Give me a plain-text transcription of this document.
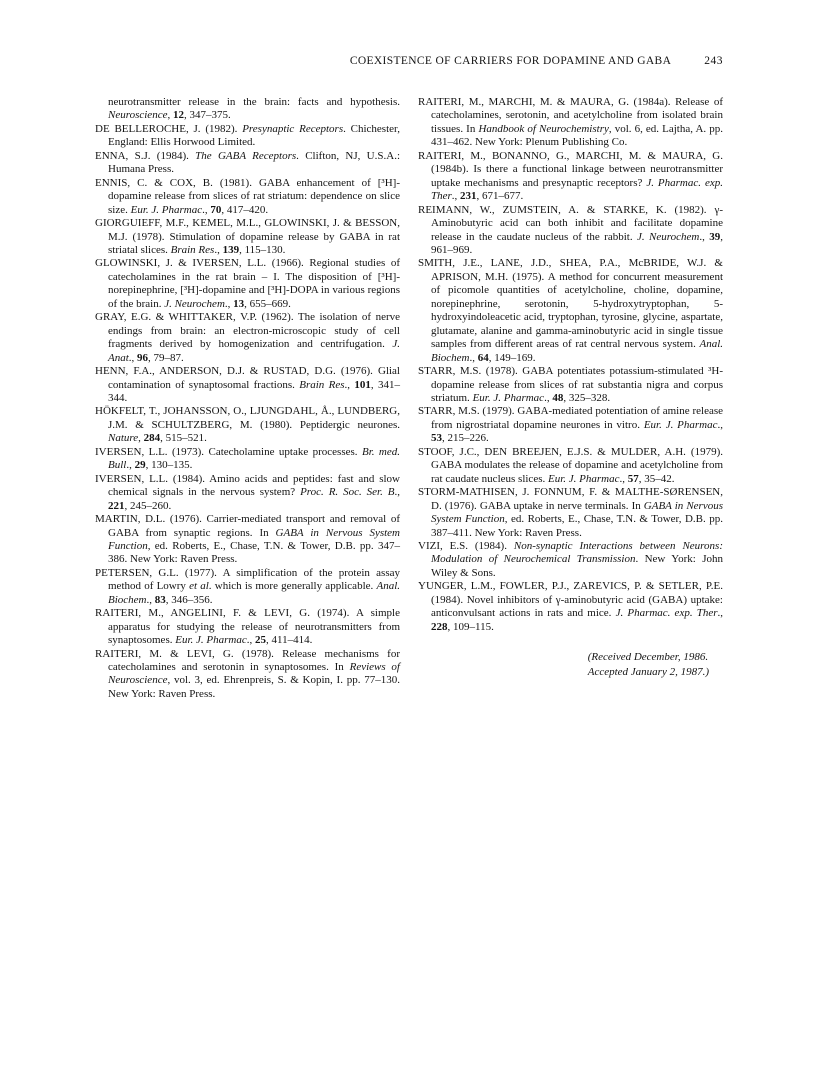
COEXISTENCE OF CARRIERS FOR DOPAMINE AND GABA	243

neurotransmitter release in the brain: facts and hypothesis. Neuroscience, 12, 347–375.

DE BELLEROCHE, J. (1982). Presynaptic Receptors. Chichester, England: Ellis Horwood Limited.

ENNA, S.J. (1984). The GABA Receptors. Clifton, NJ, U.S.A.: Humana Press.

ENNIS, C. & COX, B. (1981). GABA enhancement of [³H]-dopamine release from slices of rat striatum: dependence on slice size. Eur. J. Pharmac., 70, 417–420.

GIORGUIEFF, M.F., KEMEL, M.L., GLOWINSKI, J. & BESSON, M.J. (1978). Stimulation of dopamine release by GABA in rat striatal slices. Brain Res., 139, 115–130.

GLOWINSKI, J. & IVERSEN, L.L. (1966). Regional studies of catecholamines in the rat brain – I. The disposition of [³H]-norepinephrine, [³H]-dopamine and [³H]-DOPA in various regions of the brain. J. Neurochem., 13, 655–669.

GRAY, E.G. & WHITTAKER, V.P. (1962). The isolation of nerve endings from brain: an electron-microscopic study of cell fragments derived by homogenization and centrifugation. J. Anat., 96, 79–87.

HENN, F.A., ANDERSON, D.J. & RUSTAD, D.G. (1976). Glial contamination of synaptosomal fractions. Brain Res., 101, 341–344.

HÖKFELT, T., JOHANSSON, O., LJUNGDAHL, Å., LUNDBERG, J.M. & SCHULTZBERG, M. (1980). Peptidergic neurones. Nature, 284, 515–521.

IVERSEN, L.L. (1973). Catecholamine uptake processes. Br. med. Bull., 29, 130–135.

IVERSEN, L.L. (1984). Amino acids and peptides: fast and slow chemical signals in the nervous system? Proc. R. Soc. Ser. B., 221, 245–260.

MARTIN, D.L. (1976). Carrier-mediated transport and removal of GABA from synaptic regions. In GABA in Nervous System Function, ed. Roberts, E., Chase, T.N. & Tower, D.B. pp. 347–386. New York: Raven Press.

PETERSEN, G.L. (1977). A simplification of the protein assay method of Lowry et al. which is more generally applicable. Anal. Biochem., 83, 346–356.

RAITERI, M., ANGELINI, F. & LEVI, G. (1974). A simple apparatus for studying the release of neurotransmitters from synaptosomes. Eur. J. Pharmac., 25, 411–414.

RAITERI, M. & LEVI, G. (1978). Release mechanisms for catecholamines and serotonin in synaptosomes. In Reviews of Neuroscience, vol. 3, ed. Ehrenpreis, S. & Kopin, I. pp. 77–130. New York: Raven Press.

RAITERI, M., MARCHI, M. & MAURA, G. (1984a). Release of catecholamines, serotonin, and acetylcholine from isolated brain tissues. In Handbook of Neurochemistry, vol. 6, ed. Lajtha, A. pp. 431–462. New York: Plenum Publishing Co.

RAITERI, M., BONANNO, G., MARCHI, M. & MAURA, G. (1984b). Is there a functional linkage between neurotransmitter uptake mechanisms and presynaptic receptors? J. Pharmac. exp. Ther., 231, 671–677.

REIMANN, W., ZUMSTEIN, A. & STARKE, K. (1982). γ-Aminobutyric acid can both inhibit and facilitate dopamine release in the caudate nucleus of the rabbit. J. Neurochem., 39, 961–969.

SMITH, J.E., LANE, J.D., SHEA, P.A., McBRIDE, W.J. & APRISON, M.H. (1975). A method for concurrent measurement of picomole quantities of acetylcholine, choline, dopamine, norepinephrine, serotonin, 5-hydroxytryptophan, 5-hydroxyindoleacetic acid, tryptophan, tyrosine, glycine, aspartate, glutamate, alanine and gamma-aminobutyric acid in single tissue samples from different areas of rat central nervous system. Anal. Biochem., 64, 149–169.

STARR, M.S. (1978). GABA potentiates potassium-stimulated ³H-dopamine release from slices of rat substantia nigra and corpus striatum. Eur. J. Pharmac., 48, 325–328.

STARR, M.S. (1979). GABA-mediated potentiation of amine release from nigrostriatal dopamine neurones in vitro. Eur. J. Pharmac., 53, 215–226.

STOOF, J.C., DEN BREEJEN, E.J.S. & MULDER, A.H. (1979). GABA modulates the release of dopamine and acetylcholine from rat caudate nucleus slices. Eur. J. Pharmac., 57, 35–42.

STORM-MATHISEN, J. FONNUM, F. & MALTHE-SØRENSEN, D. (1976). GABA uptake in nerve terminals. In GABA in Nervous System Function, ed. Roberts, E., Chase, T.N. & Tower, D.B. pp. 387–411. New York: Raven Press.

VIZI, E.S. (1984). Non-synaptic Interactions between Neurons: Modulation of Neurochemical Transmission. New York: John Wiley & Sons.

YUNGER, L.M., FOWLER, P.J., ZAREVICS, P. & SETLER, P.E. (1984). Novel inhibitors of γ-aminobutyric acid (GABA) uptake: anticonvulsant actions in rats and mice. J. Pharmac. exp. Ther., 228, 109–115.

(Received December, 1986.
Accepted January 2, 1987.)
